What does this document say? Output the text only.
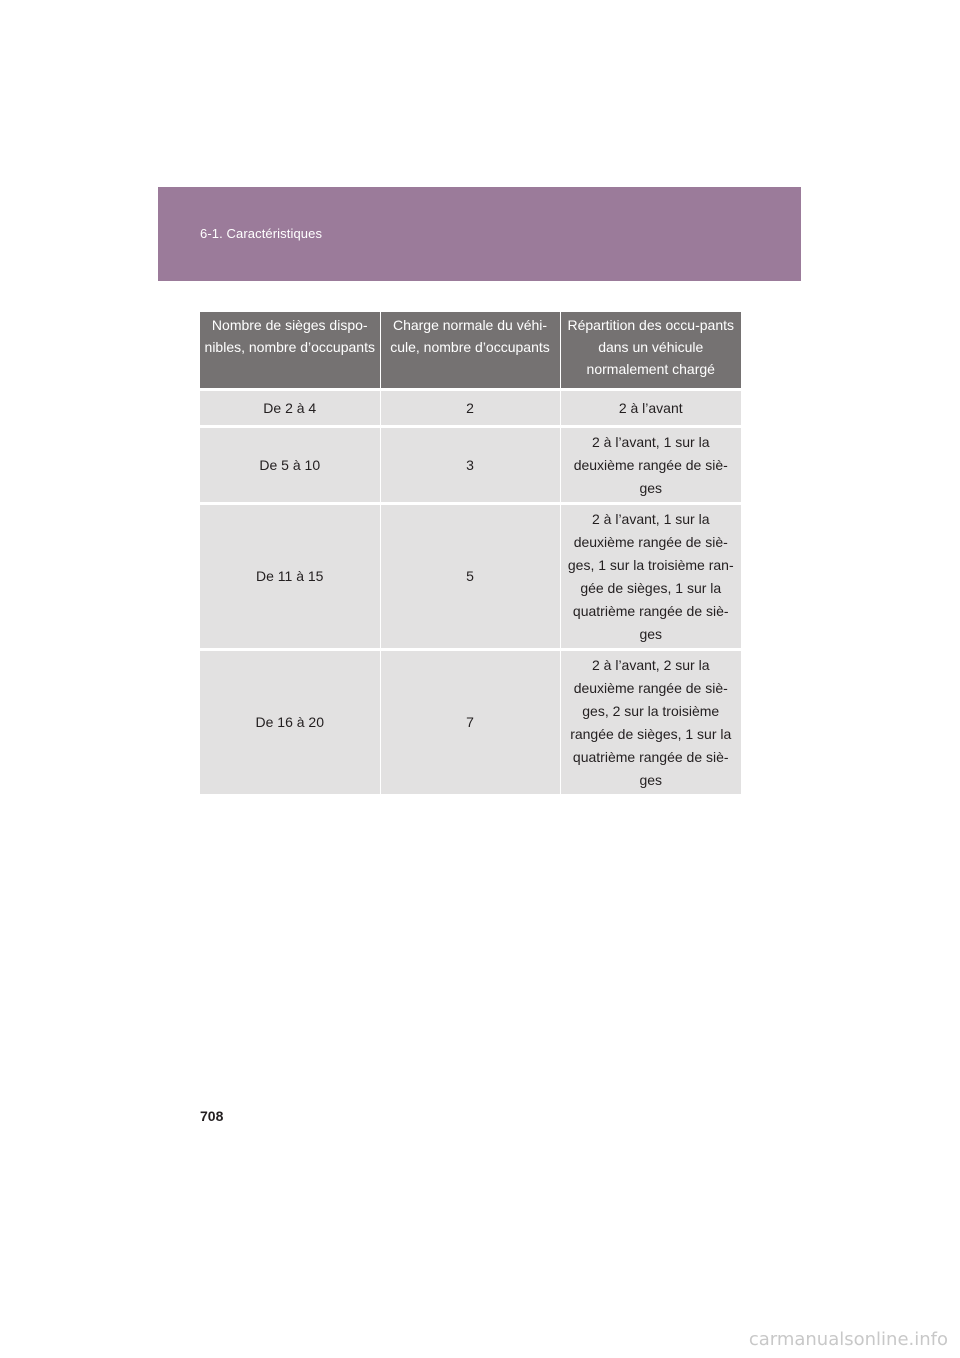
6-1. Caractéristiques
Nombre de sièges dispo-nibles, nombre d’occupants	Charge normale du véhi-cule, nombre d’occupants	Répartition des occu-pants dans un véhicule normalement chargé
De 2 à 4	2	2 à l’avant
De 5 à 10	3	2 à l’avant, 1 sur la deuxième rangée de siè-ges
De 11 à 15	5	2 à l’avant, 1 sur la deuxième rangée de siè-ges, 1 sur la troisième ran-gée de sièges, 1 sur la quatrième rangée de siè-ges
De 16 à 20	7	2 à l’avant, 2 sur la deuxième rangée de siè-ges, 2 sur la troisième rangée de sièges, 1 sur la quatrième rangée de siè-ges
708
carmanualsonline.info
